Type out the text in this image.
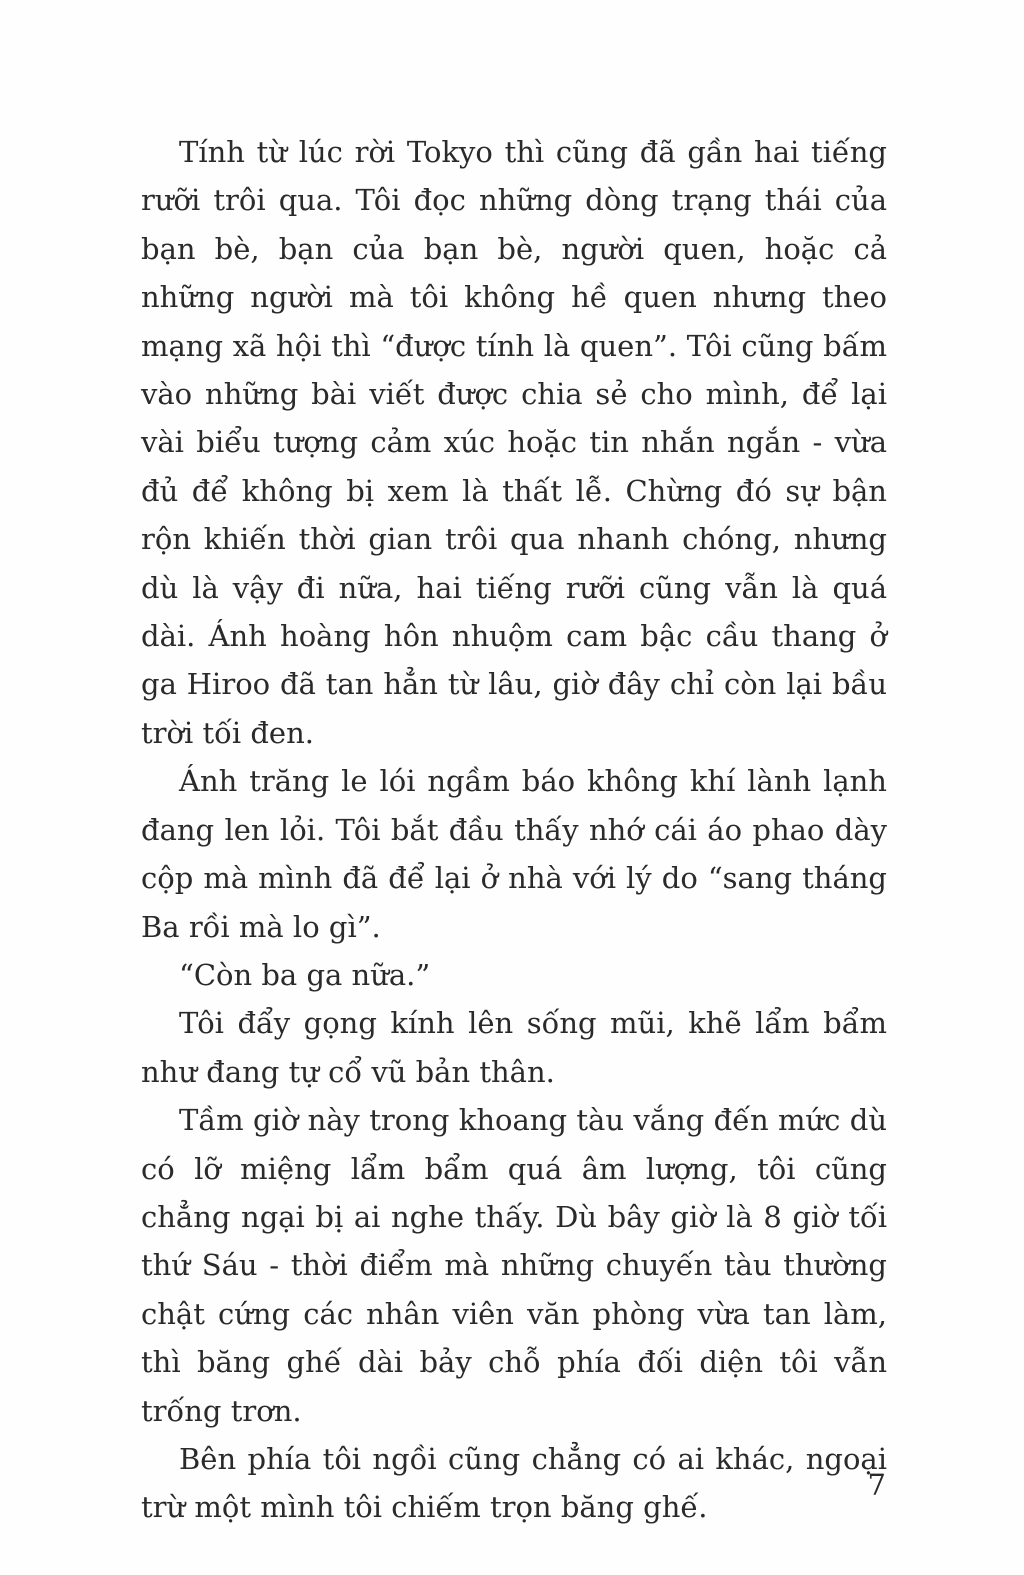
Tính từ lúc rời Tokyo thì cũng đã gần hai tiếng rưỡi trôi qua. Tôi đọc những dòng trạng thái của bạn bè, bạn của bạn bè, người quen, hoặc cả những người mà tôi không hề quen nhưng theo mạng xã hội thì “được tính là quen”. Tôi cũng bấm vào những bài viết được chia sẻ cho mình, để lại vài biểu tượng cảm xúc hoặc tin nhắn ngắn - vừa đủ để không bị xem là thất lễ. Chừng đó sự bận rộn khiến thời gian trôi qua nhanh chóng, nhưng dù là vậy đi nữa, hai tiếng rưỡi cũng vẫn là quá dài. Ánh hoàng hôn nhuộm cam bậc cầu thang ở ga Hiroo đã tan hẳn từ lâu, giờ đây chỉ còn lại bầu trời tối đen.

Ánh trăng le lói ngầm báo không khí lành lạnh đang len lỏi. Tôi bắt đầu thấy nhớ cái áo phao dày cộp mà mình đã để lại ở nhà với lý do “sang tháng Ba rồi mà lo gì”.

“Còn ba ga nữa.”

Tôi đẩy gọng kính lên sống mũi, khẽ lẩm bẩm như đang tự cổ vũ bản thân.

Tầm giờ này trong khoang tàu vắng đến mức dù có lỡ miệng lẩm bẩm quá âm lượng, tôi cũng chẳng ngại bị ai nghe thấy. Dù bây giờ là 8 giờ tối thứ Sáu - thời điểm mà những chuyến tàu thường chật cứng các nhân viên văn phòng vừa tan làm, thì băng ghế dài bảy chỗ phía đối diện tôi vẫn trống trơn.

Bên phía tôi ngồi cũng chẳng có ai khác, ngoại trừ một mình tôi chiếm trọn băng ghế.

7
